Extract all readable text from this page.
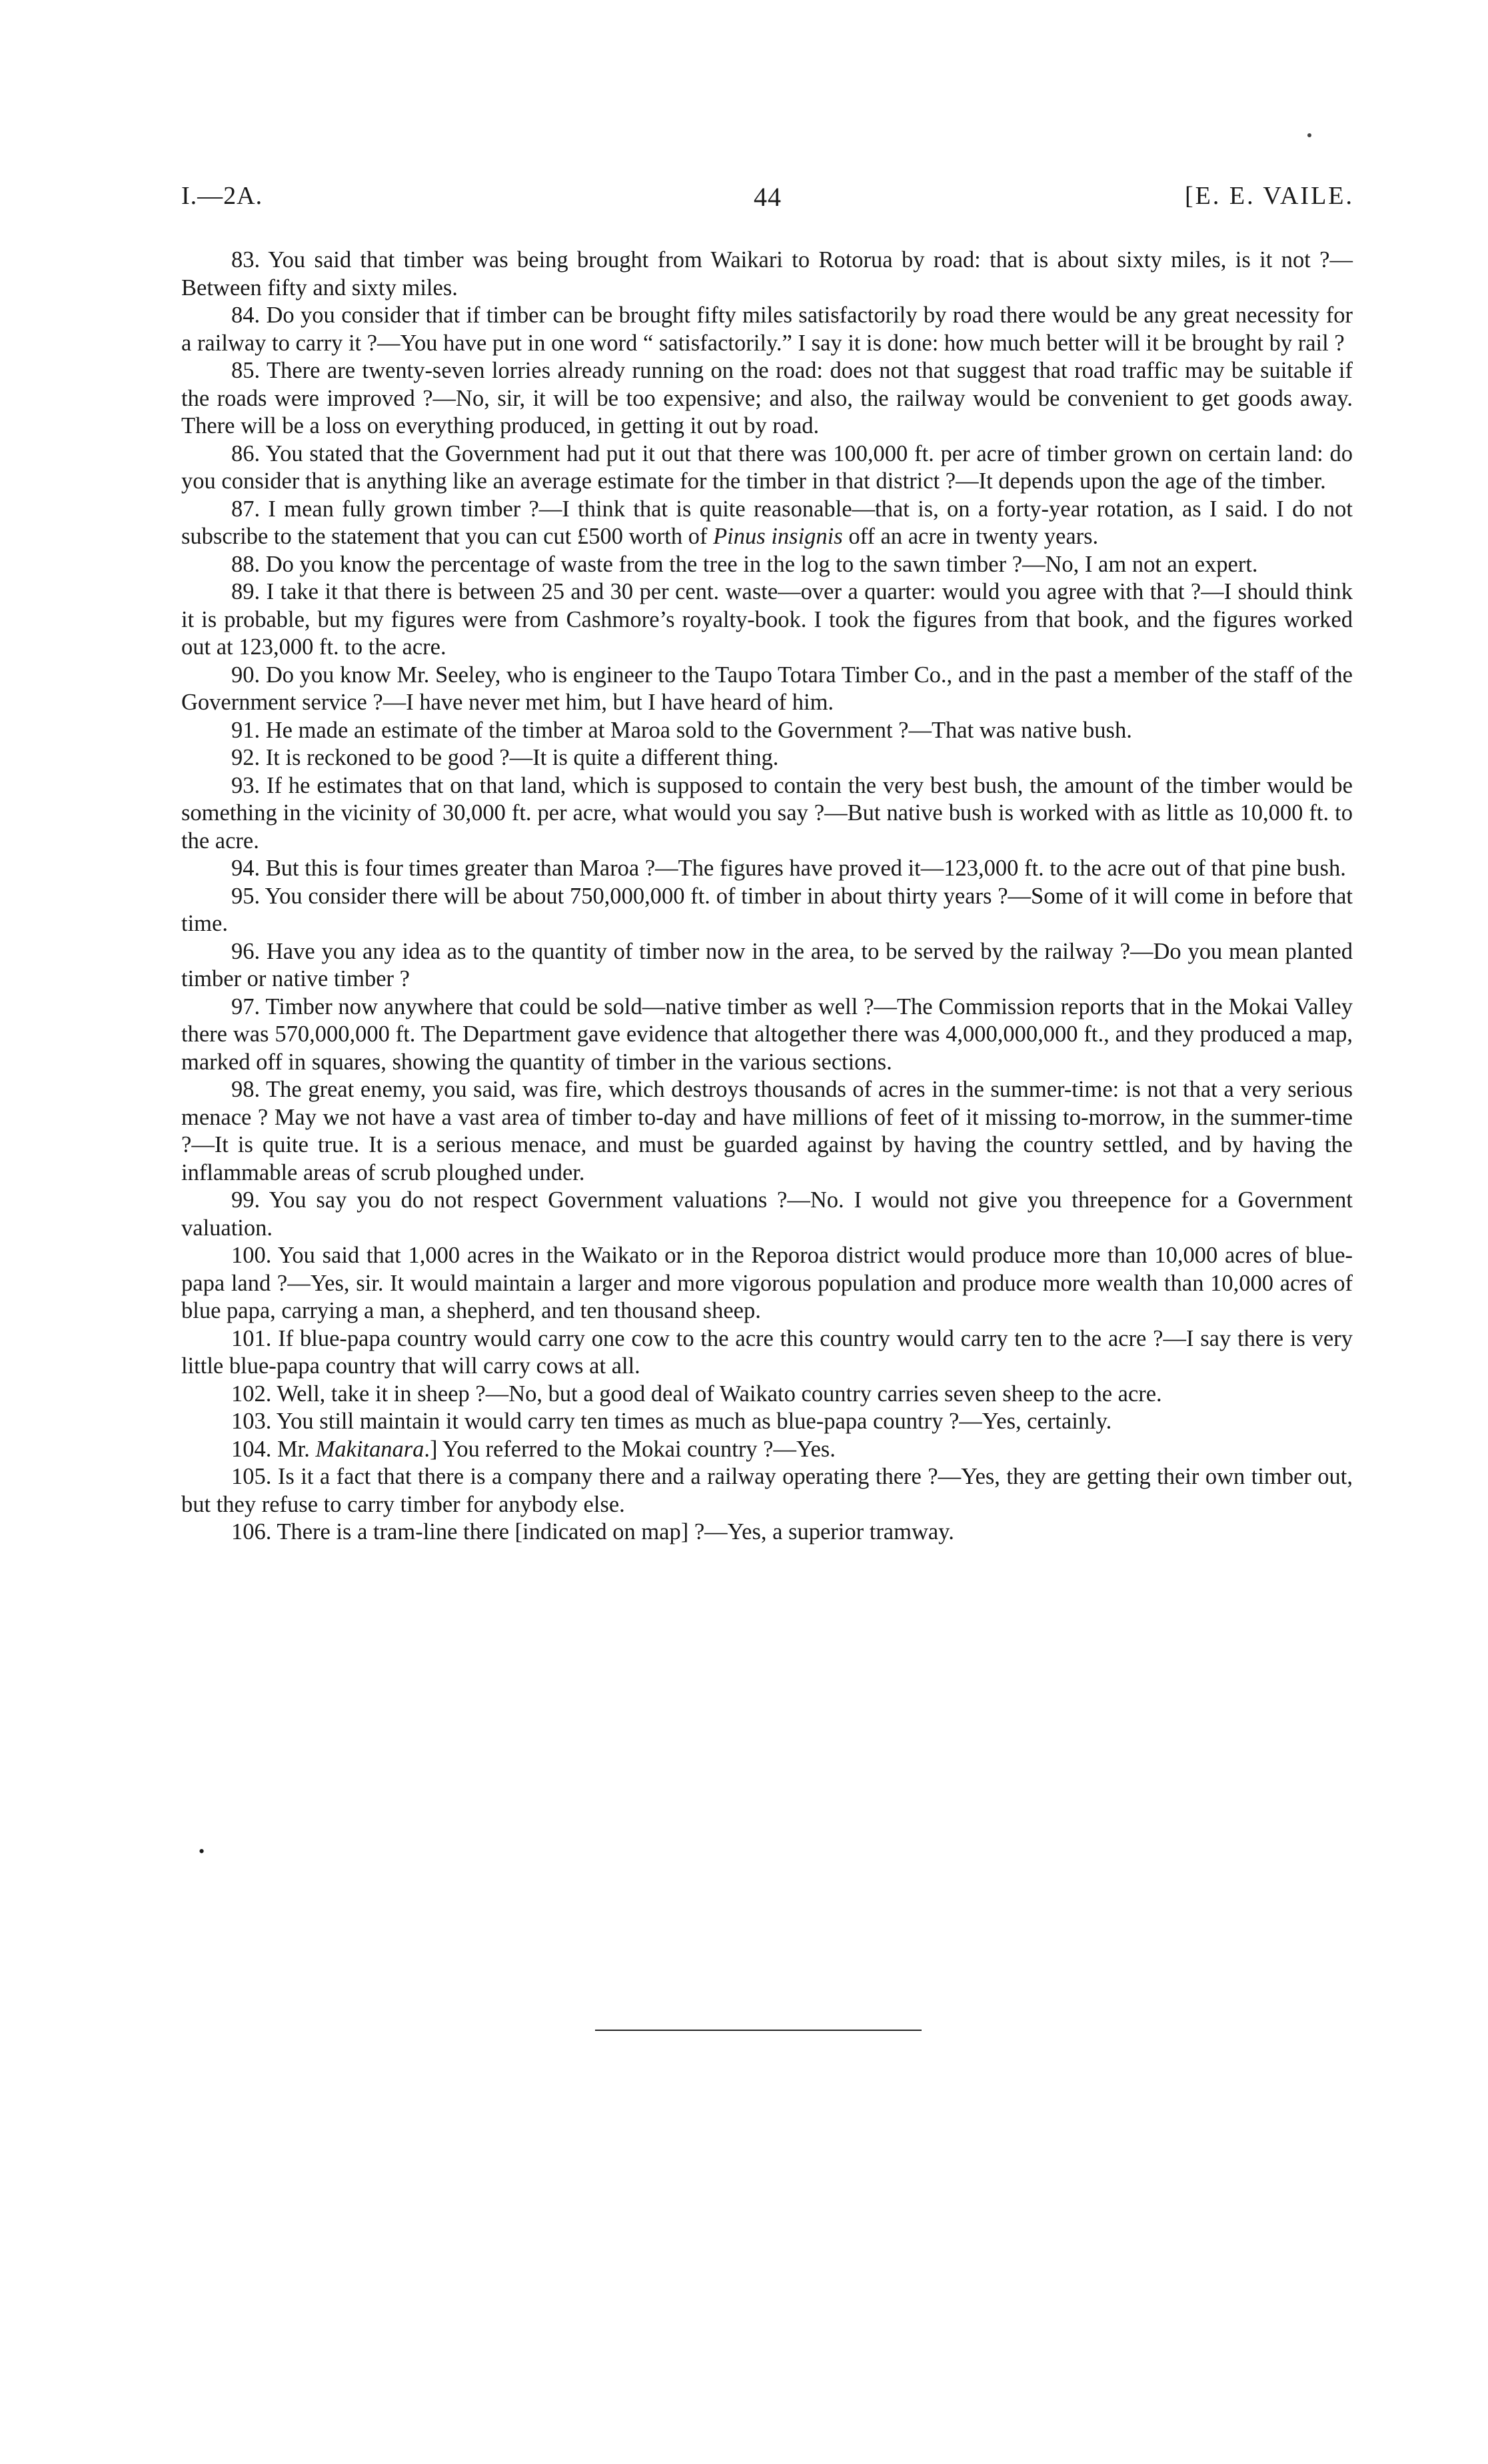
I.—2A.	44	[E. E. VAILE.

83. You said that timber was being brought from Waikari to Rotorua by road: that is about sixty miles, is it not ?—Between fifty and sixty miles.

84. Do you consider that if timber can be brought fifty miles satisfactorily by road there would be any great necessity for a railway to carry it ?—You have put in one word “ satisfactorily.” I say it is done: how much better will it be brought by rail ?

85. There are twenty-seven lorries already running on the road: does not that suggest that road traffic may be suitable if the roads were improved ?—No, sir, it will be too expensive; and also, the railway would be convenient to get goods away. There will be a loss on everything produced, in getting it out by road.

86. You stated that the Government had put it out that there was 100,000 ft. per acre of timber grown on certain land: do you consider that is anything like an average estimate for the timber in that district ?—It depends upon the age of the timber.

87. I mean fully grown timber ?—I think that is quite reasonable—that is, on a forty-year rotation, as I said. I do not subscribe to the statement that you can cut £500 worth of Pinus insignis off an acre in twenty years.

88. Do you know the percentage of waste from the tree in the log to the sawn timber ?—No, I am not an expert.

89. I take it that there is between 25 and 30 per cent. waste—over a quarter: would you agree with that ?—I should think it is probable, but my figures were from Cashmore’s royalty-book. I took the figures from that book, and the figures worked out at 123,000 ft. to the acre.

90. Do you know Mr. Seeley, who is engineer to the Taupo Totara Timber Co., and in the past a member of the staff of the Government service ?—I have never met him, but I have heard of him.

91. He made an estimate of the timber at Maroa sold to the Government ?—That was native bush.

92. It is reckoned to be good ?—It is quite a different thing.

93. If he estimates that on that land, which is supposed to contain the very best bush, the amount of the timber would be something in the vicinity of 30,000 ft. per acre, what would you say ?—But native bush is worked with as little as 10,000 ft. to the acre.

94. But this is four times greater than Maroa ?—The figures have proved it—123,000 ft. to the acre out of that pine bush.

95. You consider there will be about 750,000,000 ft. of timber in about thirty years ?—Some of it will come in before that time.

96. Have you any idea as to the quantity of timber now in the area, to be served by the railway ?—Do you mean planted timber or native timber ?

97. Timber now anywhere that could be sold—native timber as well ?—The Commission reports that in the Mokai Valley there was 570,000,000 ft. The Department gave evidence that altogether there was 4,000,000,000 ft., and they produced a map, marked off in squares, showing the quantity of timber in the various sections.

98. The great enemy, you said, was fire, which destroys thousands of acres in the summer-time: is not that a very serious menace ? May we not have a vast area of timber to-day and have millions of feet of it missing to-morrow, in the summer-time ?—It is quite true. It is a serious menace, and must be guarded against by having the country settled, and by having the inflammable areas of scrub ploughed under.

99. You say you do not respect Government valuations ?—No. I would not give you threepence for a Government valuation.

100. You said that 1,000 acres in the Waikato or in the Reporoa district would produce more than 10,000 acres of blue-papa land ?—Yes, sir. It would maintain a larger and more vigorous population and produce more wealth than 10,000 acres of blue papa, carrying a man, a shepherd, and ten thousand sheep.

101. If blue-papa country would carry one cow to the acre this country would carry ten to the acre ?—I say there is very little blue-papa country that will carry cows at all.

102. Well, take it in sheep ?—No, but a good deal of Waikato country carries seven sheep to the acre.

103. You still maintain it would carry ten times as much as blue-papa country ?—Yes, certainly.

104. Mr. Makitanara.] You referred to the Mokai country ?—Yes.

105. Is it a fact that there is a company there and a railway operating there ?—Yes, they are getting their own timber out, but they refuse to carry timber for anybody else.

106. There is a tram-line there [indicated on map] ?—Yes, a superior tramway.

•
